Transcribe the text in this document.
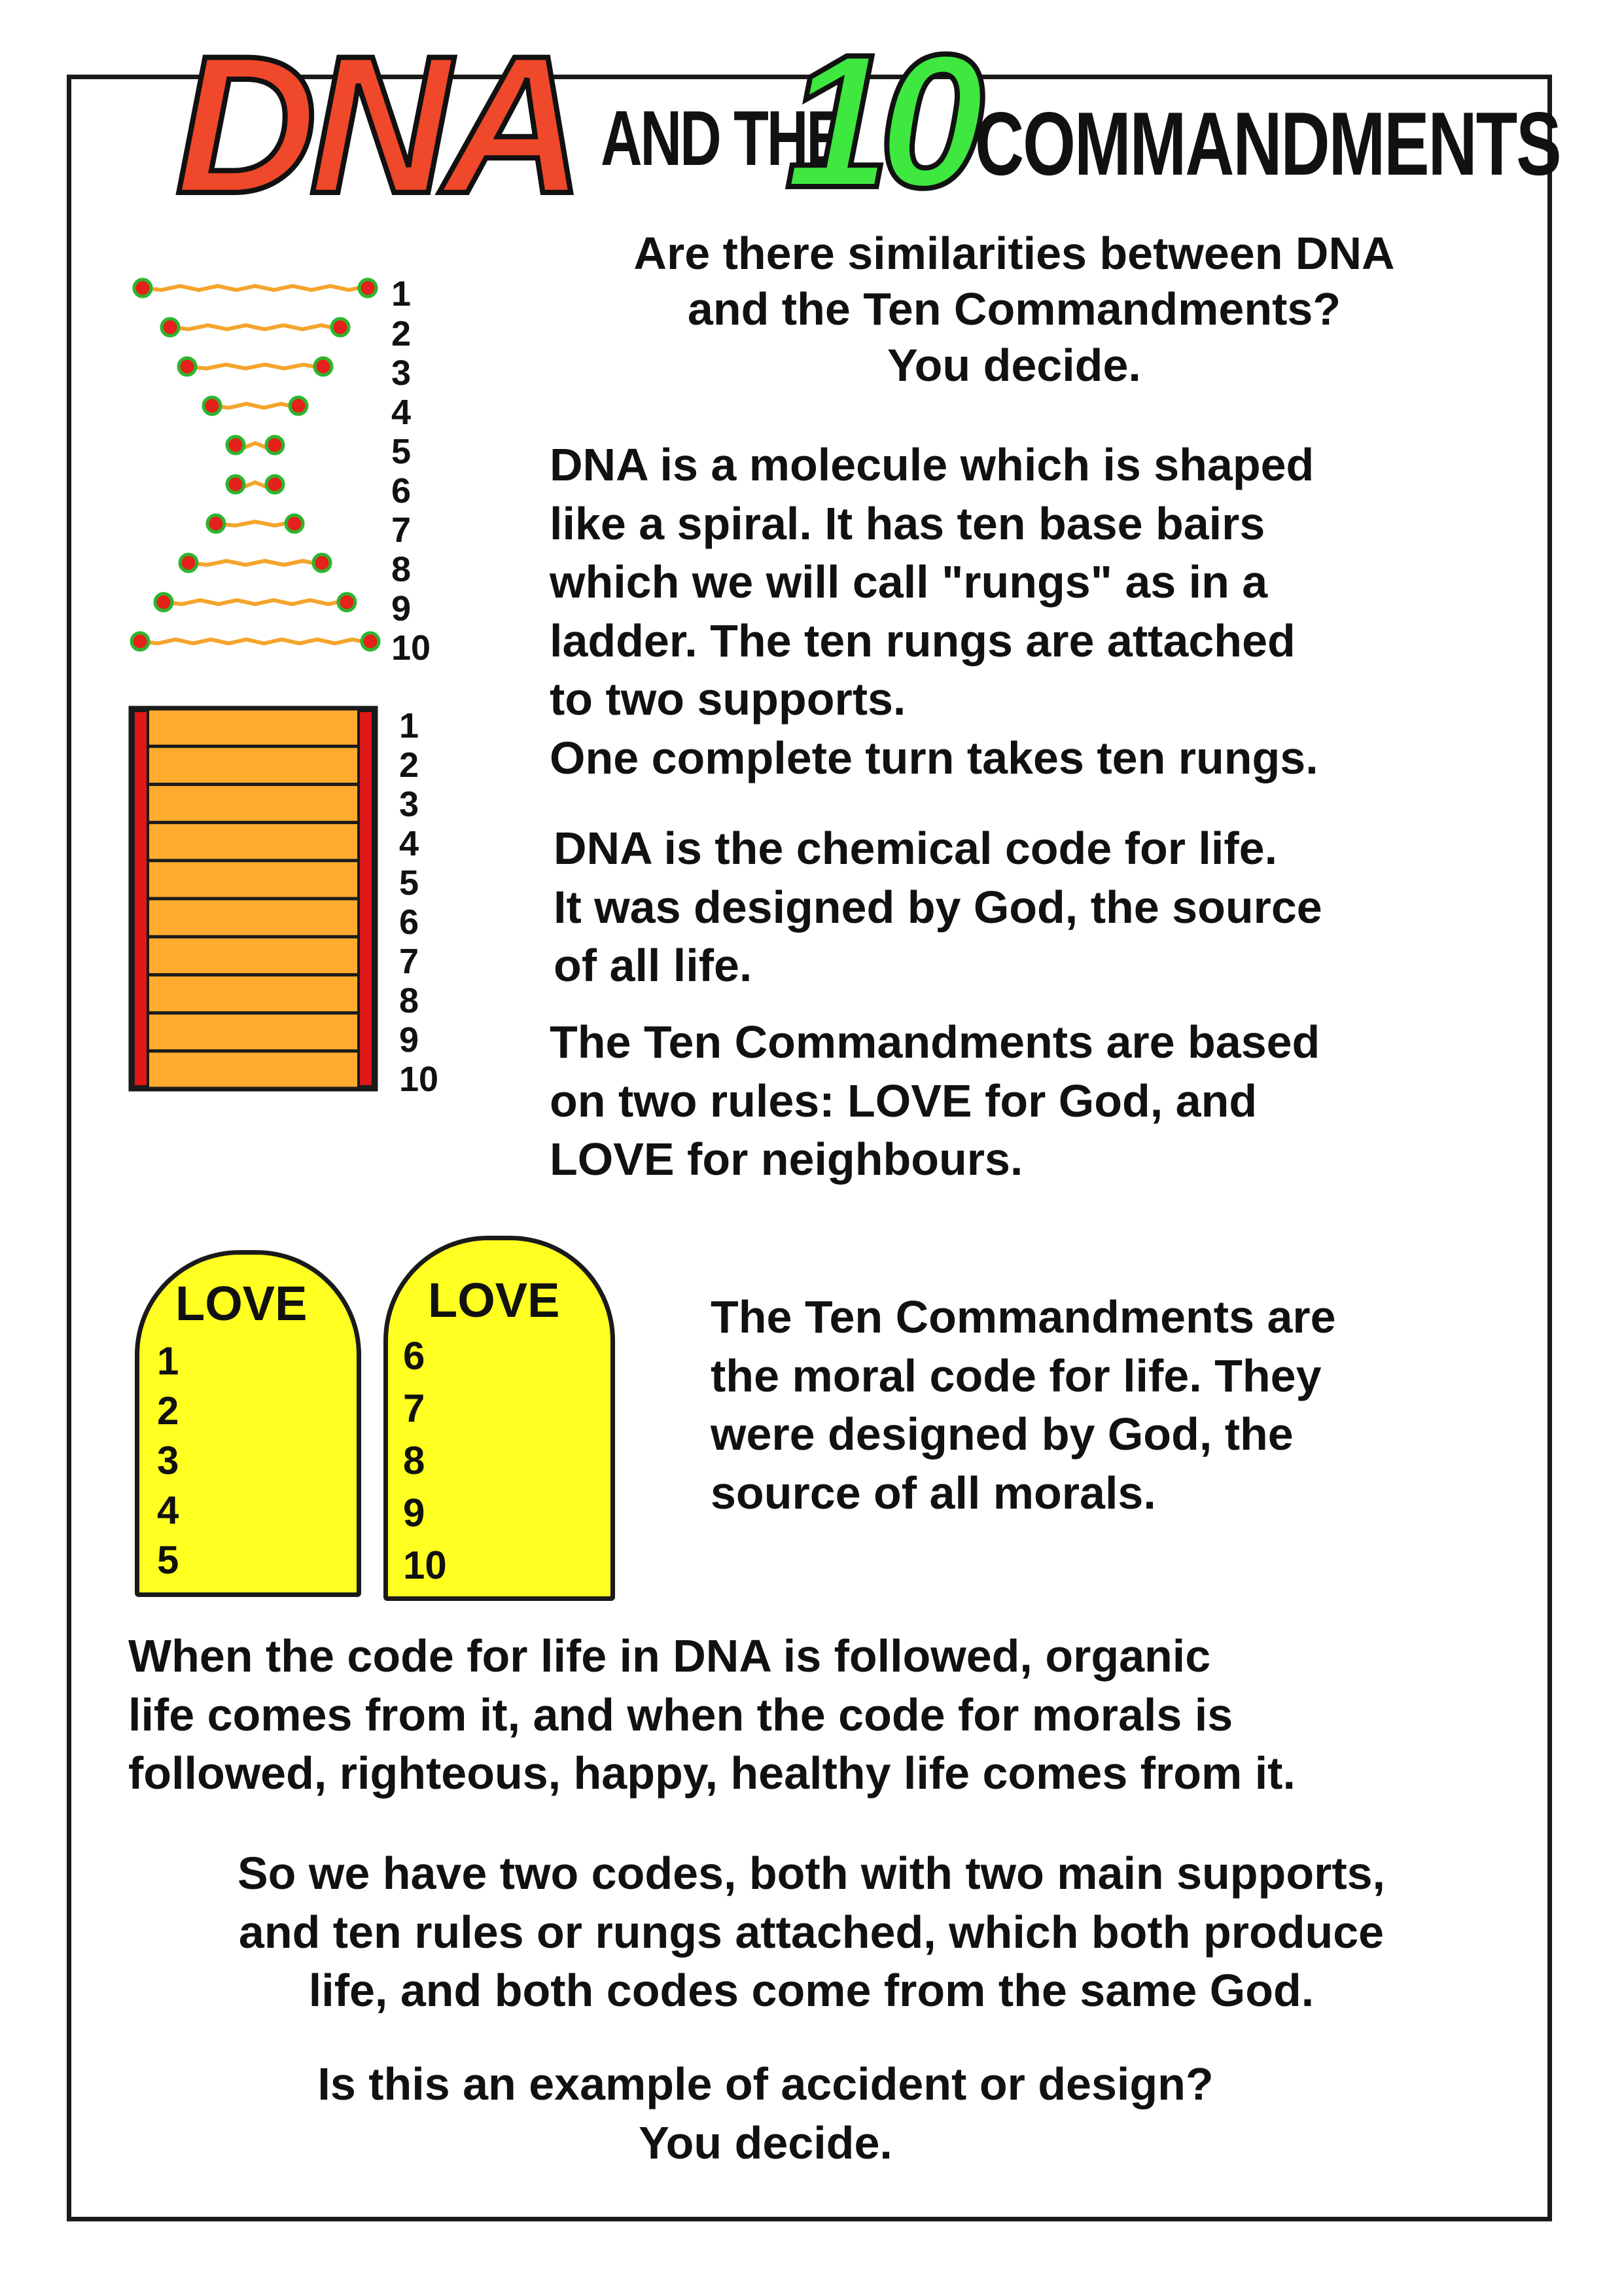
DNA AND THE
10 COMMANDMENTS
1
2
3
4
5
6
7
8
9
10
1
2
3
4
5
6
7
8
9
10
Are there similarities between DNA
and the Ten Commandments?
You decide.
DNA is a molecule which is shaped
like a spiral. It has ten base bairs
which we will call "rungs" as in a
ladder. The ten rungs are attached
to two supports.
One complete turn takes ten rungs.
DNA is the chemical code for life.
It was designed by God, the source
of all life.
The Ten Commandments are based
on two rules: LOVE for God, and
LOVE for neighbours.
LOVE
1
2
3
4
5
LOVE
6
7
8
9
10
The Ten Commandments are
the moral code for life. They
were designed by God, the
source of all morals.
When the code for life in DNA is followed, organic
life comes from it, and when the code for morals is
followed, righteous, happy, healthy life comes from it.
So we have two codes, both with two main supports,
and ten rules or rungs attached, which both produce
life, and both codes come from the same God.
Is this an example of accident or design?
You decide.
